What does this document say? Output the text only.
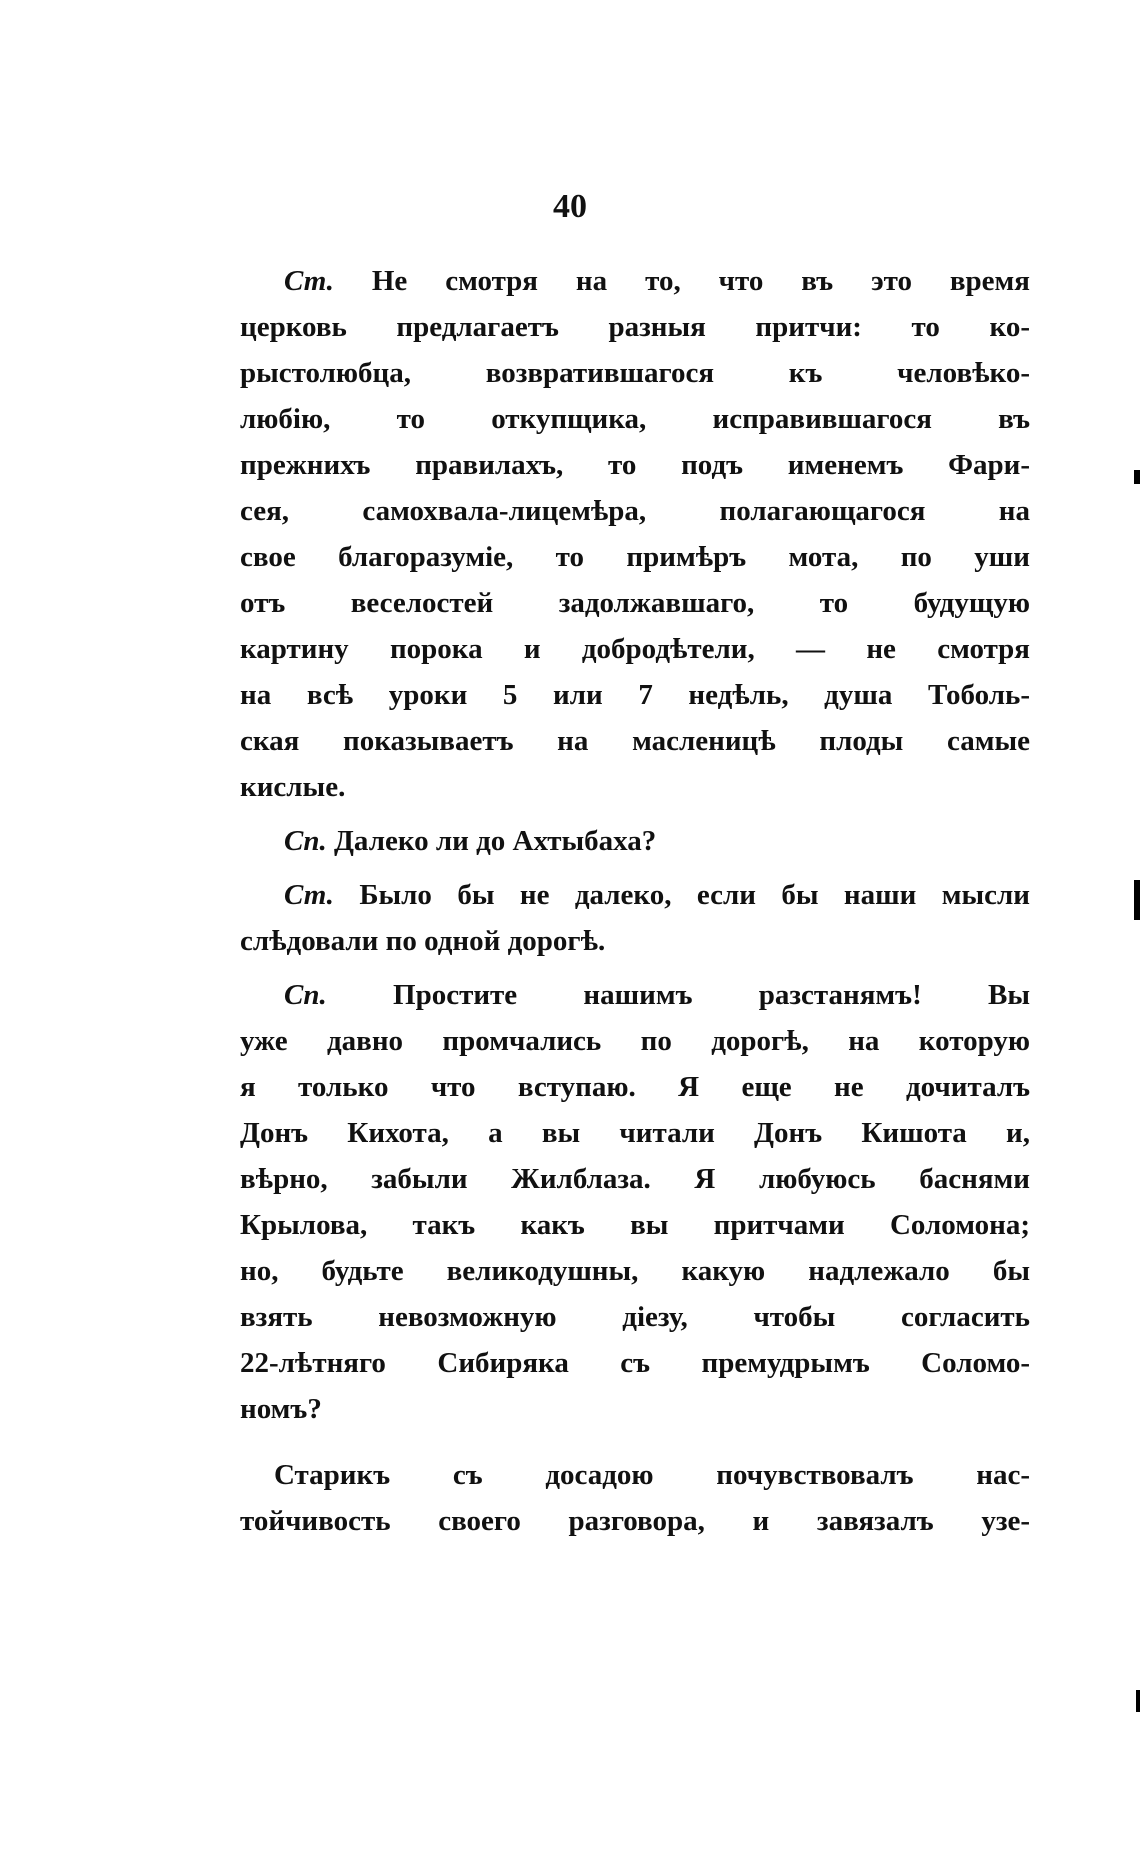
40
Ст. Не смотря на то, что въ это время
церковь предлагаетъ разныя притчи: то ко-
рыстолюбца, возвратившагося къ человѣко-
любію, то откупщика, исправившагося въ
прежнихъ правилахъ, то подъ именемъ Фари-
сея, самохвала-лицемѣра, полагающагося на
свое благоразуміе, то примѣръ мота, по уши
отъ веселостей задолжавшаго, то будущую
картину порока и добродѣтели, — не смотря
на всѣ уроки 5 или 7 недѣль, душа Тоболь-
ская показываетъ на масленицѣ плоды самые
кислые.
Сп. Далеко ли до Ахтыбаха?
Ст. Было бы не далеко, если бы наши мысли
слѣдовали по одной дорогѣ.
Сп. Простите нашимъ разстанямъ! Вы
уже давно промчались по дорогѣ, на которую
я только что вступаю. Я еще не дочиталъ
Донъ Кихота, а вы читали Донъ Кишота и,
вѣрно, забыли Жилблаза. Я любуюсь баснями
Крылова, такъ какъ вы притчами Соломона;
но, будьте великодушны, какую надлежало бы
взять невозможную діезу, чтобы согласить
22-лѣтняго Сибиряка съ премудрымъ Соломо-
номъ?
Старикъ съ досадою почувствовалъ нас-
тойчивость своего разговора, и завязалъ узе-
